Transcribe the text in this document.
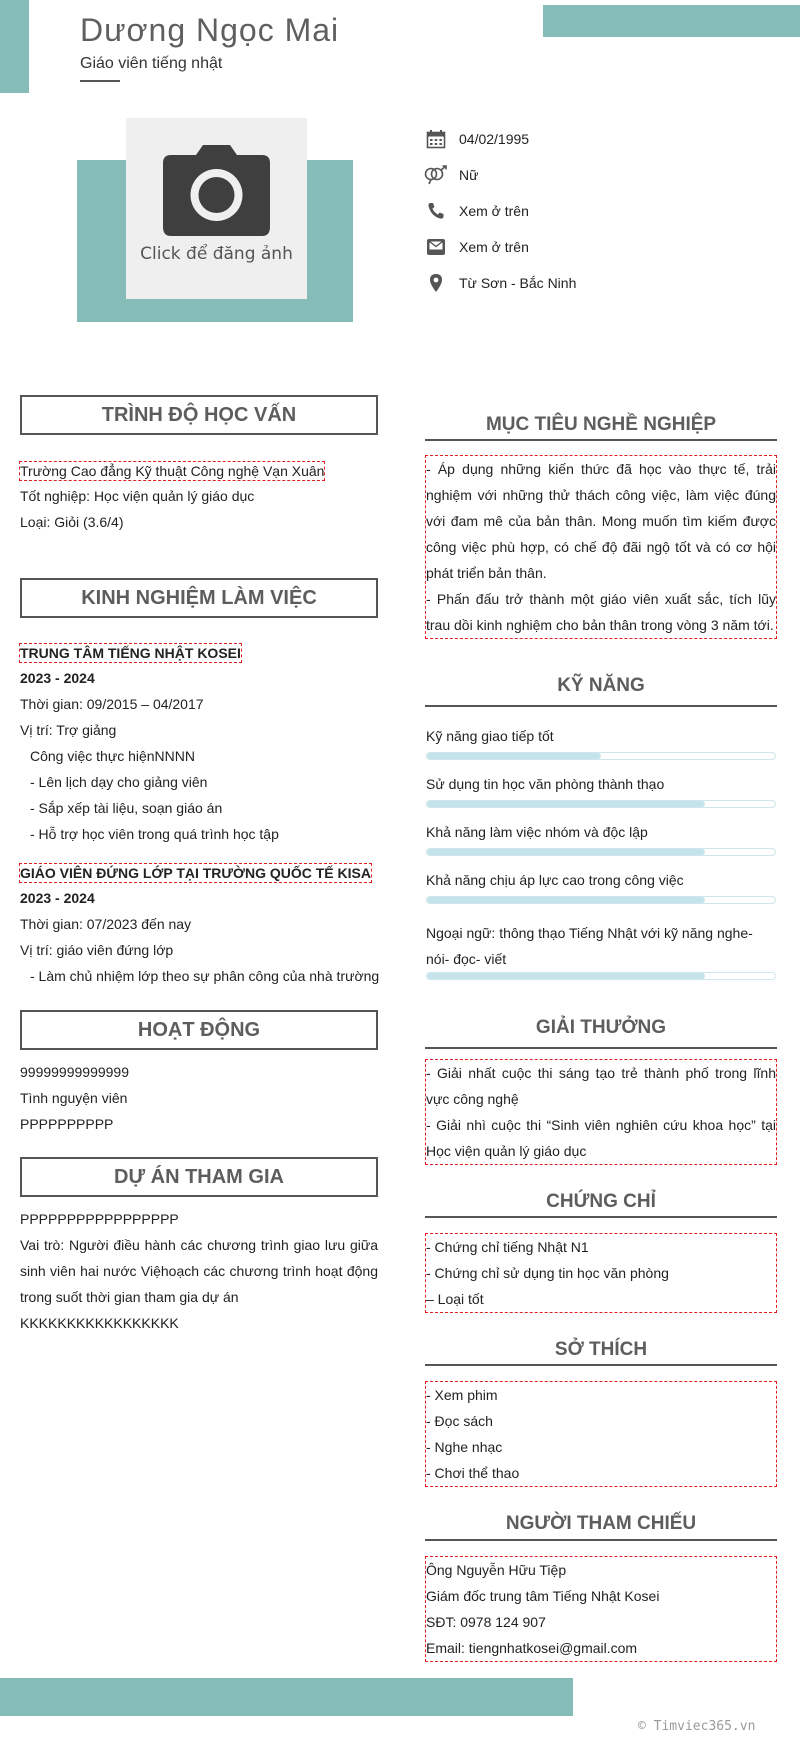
Dương Ngọc Mai
Giáo viên tiếng nhật
Click để đăng ảnh
04/02/1995
Nữ
Xem ở trên
Xem ở trên
Từ Sơn - Bắc Ninh
TRÌNH ĐỘ HỌC VẤN
Trường Cao đẳng Kỹ thuật Công nghệ Vạn Xuân
Tốt nghiệp: Học viện quản lý giáo dục
Loại: Giỏi (3.6/4)
KINH NGHIỆM LÀM VIỆC
TRUNG TÂM TIẾNG NHẬT KOSEI
2023 - 2024
Thời gian: 09/2015 – 04/2017
Vị trí: Trợ giảng
Công việc thực hiệnNNNN
- Lên lịch dạy cho giảng viên
- Sắp xếp tài liệu, soạn giáo án
- Hỗ trợ học viên trong quá trình học tập
GIÁO VIÊN ĐỨNG LỚP TẠI TRƯỜNG QUỐC TẾ KISA
2023 - 2024
Thời gian: 07/2023 đến nay
Vị trí: giáo viên đứng lớp
- Làm chủ nhiệm lớp theo sự phân công của nhà trường
HOẠT ĐỘNG
99999999999999
Tình nguyện viên
PPPPPPPPPP
DỰ ÁN THAM GIA
PPPPPPPPPPPPPPPPP

Vai trò: Người điều hành các chương trình giao lưu giữa sinh viên hai nước Việhoạch các chương trình hoạt động trong suốt thời gian tham gia dự án

KKKKKKKKKKKKKKKKK
MỤC TIÊU NGHỀ NGHIỆP

- Áp dụng những kiến thức đã học vào thực tế, trải nghiệm với những thử thách công việc, làm việc đúng với đam mê của bản thân. Mong muốn tìm kiếm được công việc phù hợp, có chế độ đãi ngộ tốt và có cơ hội phát triển bản thân.

- Phấn đấu trở thành một giáo viên xuất sắc, tích lũy trau dồi kinh nghiệm cho bản thân trong vòng 3 năm tới.

KỸ NĂNG
Kỹ năng giao tiếp tốt
Sử dụng tin học văn phòng thành thạo
Khả năng làm việc nhóm và độc lập
Khả năng chịu áp lực cao trong công việc
Ngoại ngữ: thông thạo Tiếng Nhật với kỹ năng nghe- nói- đọc- viết
GIẢI THƯỞNG

- Giải nhất cuộc thi sáng tạo trẻ thành phố trong lĩnh vực công nghệ

- Giải nhì cuộc thi “Sinh viên nghiên cứu khoa học” tại Học viện quản lý giáo dục

CHỨNG CHỈ

- Chứng chỉ tiếng Nhật N1

- Chứng chỉ sử dụng tin học văn phòng

– Loại tốt

SỞ THÍCH

- Xem phim

- Đọc sách

- Nghe nhạc

- Chơi thể thao

NGƯỜI THAM CHIẾU

Ông Nguyễn Hữu Tiệp

Giám đốc trung tâm Tiếng Nhật Kosei

SĐT: 0978 124 907

Email: tiengnhatkosei@gmail.com

© Timviec365.vn
